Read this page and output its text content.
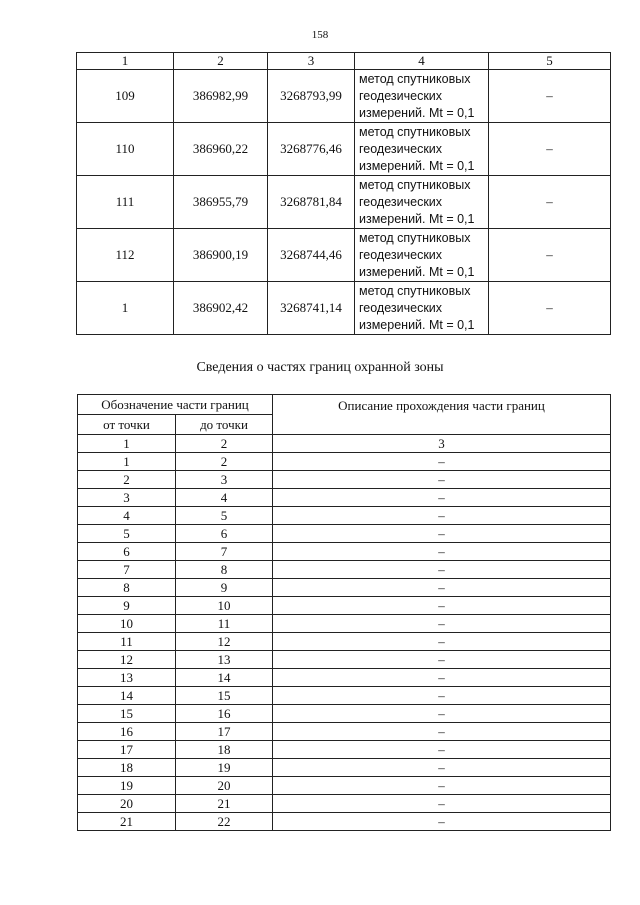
158
1	2	3	4	5
109	386982,99	3268793,99	метод спутниковых
геодезических
измерений. Mt = 0,1	–
110	386960,22	3268776,46	метод спутниковых
геодезических
измерений. Mt = 0,1	–
111	386955,79	3268781,84	метод спутниковых
геодезических
измерений. Mt = 0,1	–
112	386900,19	3268744,46	метод спутниковых
геодезических
измерений. Mt = 0,1	–
1	386902,42	3268741,14	метод спутниковых
геодезических
измерений. Mt = 0,1	–
Сведения о частях границ охранной зоны
Обозначение части границ		Описание прохождения части границ
от точки	до точки	
1	2	3
1	2	–
2	3	–
3	4	–
4	5	–
5	6	–
6	7	–
7	8	–
8	9	–
9	10	–
10	11	–
11	12	–
12	13	–
13	14	–
14	15	–
15	16	–
16	17	–
17	18	–
18	19	–
19	20	–
20	21	–
21	22	–
